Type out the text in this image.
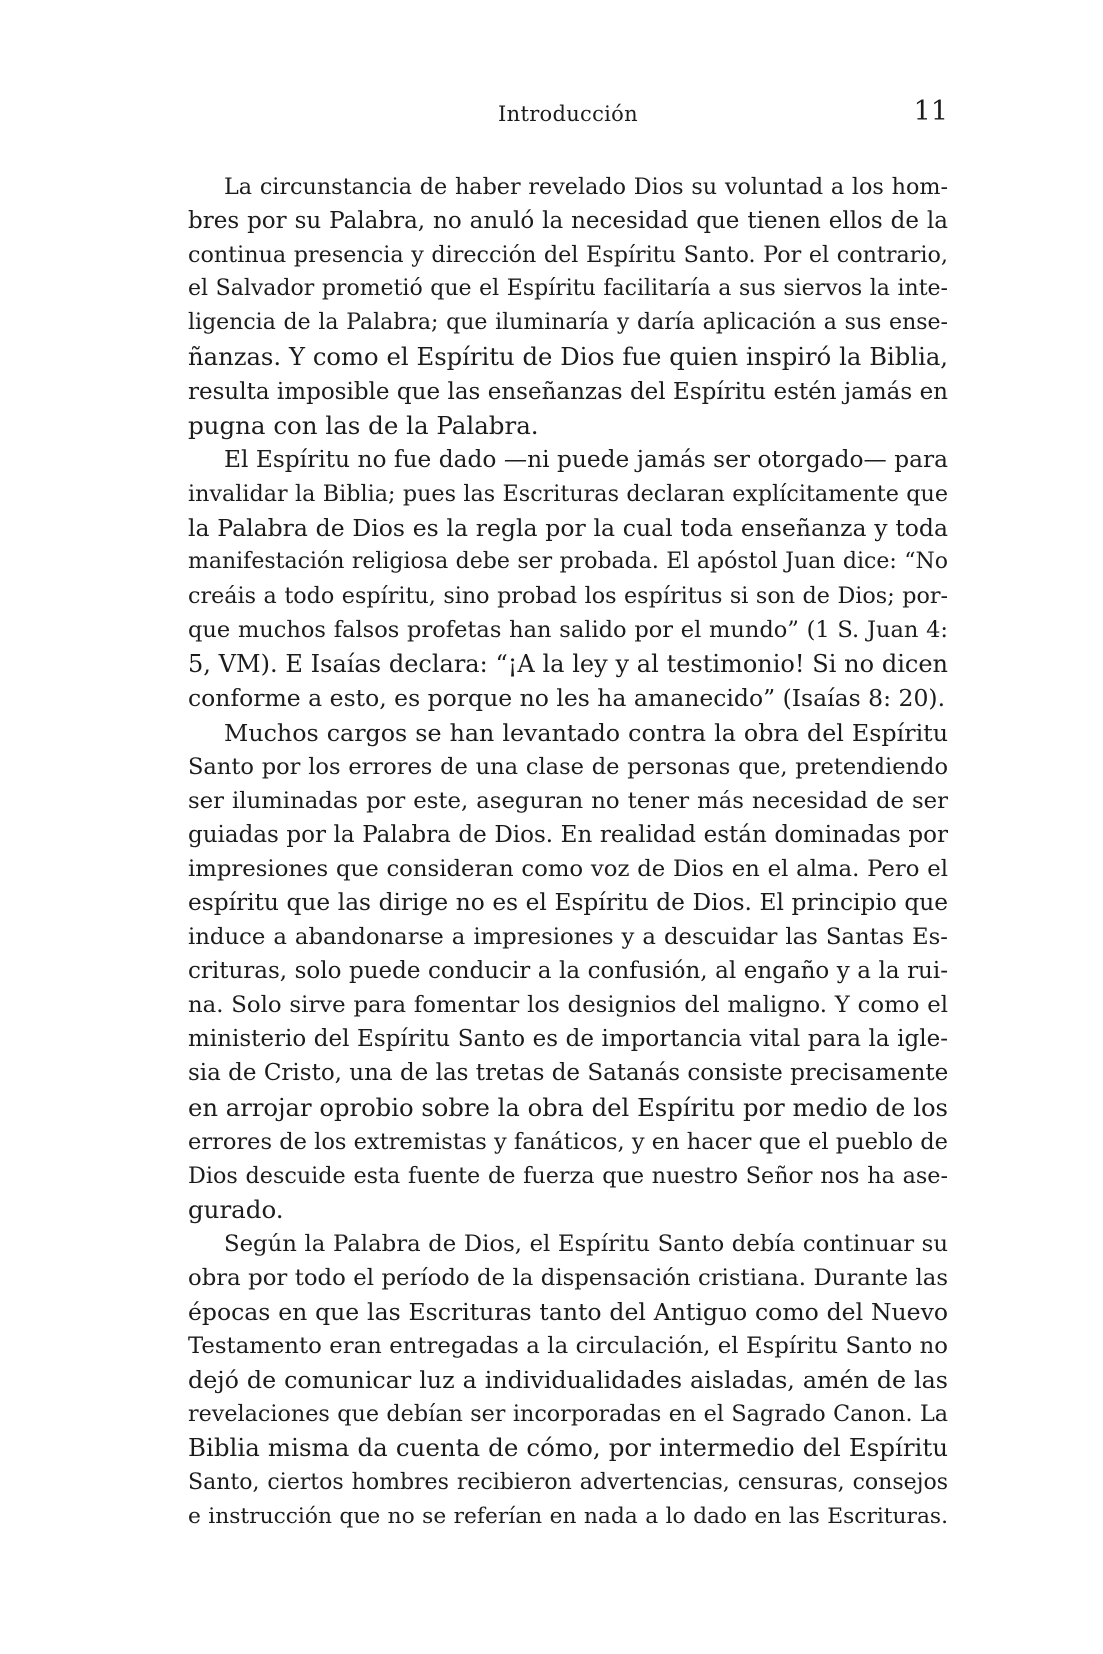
Introducción	11
La circunstancia de haber revelado Dios su voluntad a los hom-
bres por su Palabra, no anuló la necesidad que tienen ellos de la
continua presencia y dirección del Espíritu Santo. Por el contrario,
el Salvador prometió que el Espíritu facilitaría a sus siervos la inte-
ligencia de la Palabra; que iluminaría y daría aplicación a sus ense-
ñanzas. Y como el Espíritu de Dios fue quien inspiró la Biblia,
resulta imposible que las enseñanzas del Espíritu estén jamás en
pugna con las de la Palabra.
El Espíritu no fue dado —ni puede jamás ser otorgado— para
invalidar la Biblia; pues las Escrituras declaran explícitamente que
la Palabra de Dios es la regla por la cual toda enseñanza y toda
manifestación religiosa debe ser probada. El apóstol Juan dice: “No
creáis a todo espíritu, sino probad los espíritus si son de Dios; por-
que muchos falsos profetas han salido por el mundo” (1 S. Juan 4:
5, VM). E Isaías declara: “¡A la ley y al testimonio! Si no dicen
conforme a esto, es porque no les ha amanecido” (Isaías 8: 20).
Muchos cargos se han levantado contra la obra del Espíritu
Santo por los errores de una clase de personas que, pretendiendo
ser iluminadas por este, aseguran no tener más necesidad de ser
guiadas por la Palabra de Dios. En realidad están dominadas por
impresiones que consideran como voz de Dios en el alma. Pero el
espíritu que las dirige no es el Espíritu de Dios. El principio que
induce a abandonarse a impresiones y a descuidar las Santas Es-
crituras, solo puede conducir a la confusión, al engaño y a la rui-
na. Solo sirve para fomentar los designios del maligno. Y como el
ministerio del Espíritu Santo es de importancia vital para la igle-
sia de Cristo, una de las tretas de Satanás consiste precisamente
en arrojar oprobio sobre la obra del Espíritu por medio de los
errores de los extremistas y fanáticos, y en hacer que el pueblo de
Dios descuide esta fuente de fuerza que nuestro Señor nos ha ase-
gurado.
Según la Palabra de Dios, el Espíritu Santo debía continuar su
obra por todo el período de la dispensación cristiana. Durante las
épocas en que las Escrituras tanto del Antiguo como del Nuevo
Testamento eran entregadas a la circulación, el Espíritu Santo no
dejó de comunicar luz a individualidades aisladas, amén de las
revelaciones que debían ser incorporadas en el Sagrado Canon. La
Biblia misma da cuenta de cómo, por intermedio del Espíritu
Santo, ciertos hombres recibieron advertencias, censuras, consejos
e instrucción que no se referían en nada a lo dado en las Escrituras.
